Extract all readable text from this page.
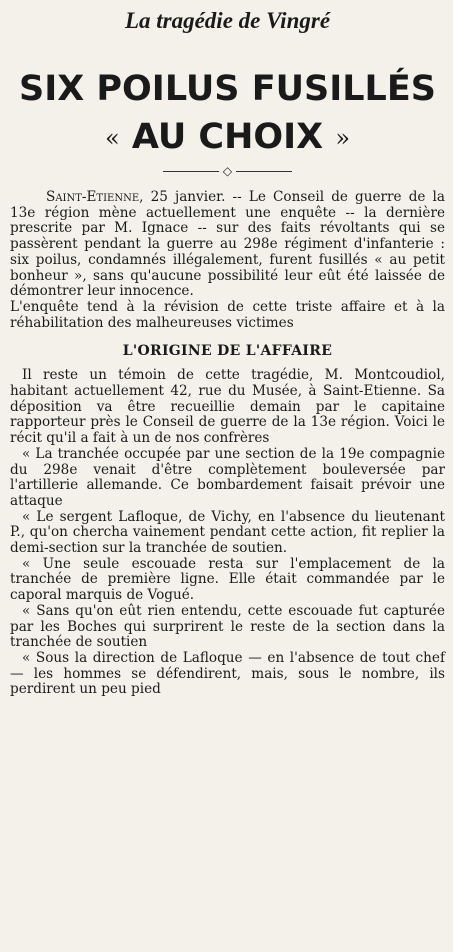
La tragédie de Vingré
SIX POILUS FUSILLÉS
« AU CHOIX »
◇

Saint-Etienne, 25 janvier. -- Le Conseil de guerre de la 13e région mène actuellement une enquête -- la dernière prescrite par M. Ignace -- sur des faits révoltants qui se passèrent pendant la guerre au 298e régiment d'infanterie : six poilus, condamnés illégalement, furent fusillés « au petit bonheur », sans qu'aucune possibilité leur eût été laissée de démontrer leur innocence.

L'enquête tend à la révision de cette triste affaire et à la réhabilitation des malheureuses victimes

L'ORIGINE DE L'AFFAIRE

Il reste un témoin de cette tragédie, M. Montcoudiol, habitant actuellement 42, rue du Musée, à Saint-Etienne. Sa déposition va être recueillie demain par le capitaine rapporteur près le Conseil de guerre de la 13e région. Voici le récit qu'il a fait à un de nos confrères

« La tranchée occupée par une section de la 19e compagnie du 298e venait d'être complètement bouleversée par l'artillerie allemande. Ce bombardement faisait prévoir une attaque

« Le sergent Lafloque, de Vichy, en l'absence du lieutenant P., qu'on chercha vainement pendant cette action, fit replier la demi-section sur la tranchée de soutien.

« Une seule escouade resta sur l'emplacement de la tranchée de première ligne. Elle était commandée par le caporal marquis de Vogué.

« Sans qu'on eût rien entendu, cette escouade fut capturée par les Boches qui surprirent le reste de la section dans la tranchée de soutien

« Sous la direction de Lafloque — en l'absence de tout chef — les hommes se défendirent, mais, sous le nombre, ils perdirent un peu pied
